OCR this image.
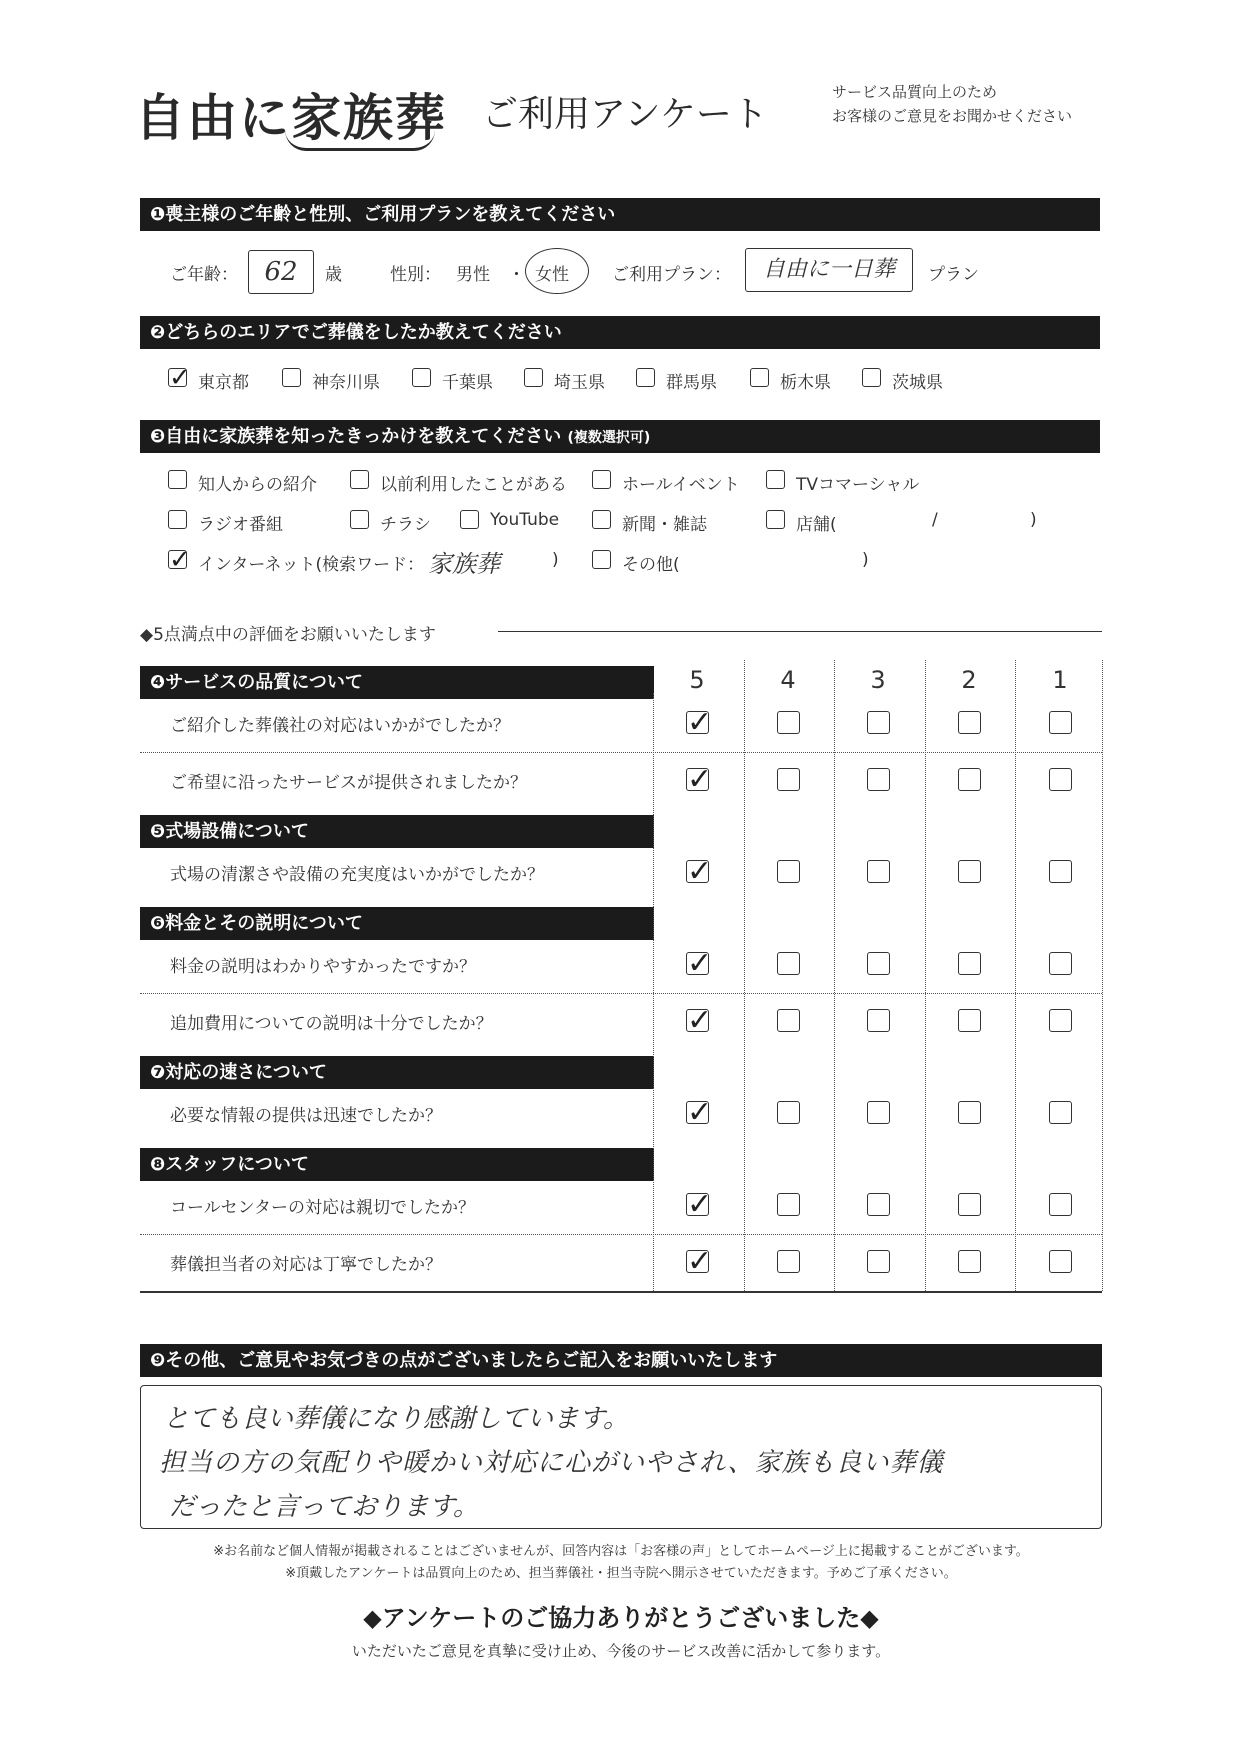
自由に家族葬 ご利用アンケート
サービス品質向上のため
お客様のご意見をお聞かせください
❶喪主様のご年齢と性別、ご利用プランを教えてください
ご年齢：	62	歳	性別： 男性 ・ 女性	ご利用プラン：	自由に一日葬	プラン
❷どちらのエリアでご葬儀をしたか教えてください
✓ 東京都	神奈川県	千葉県	埼玉県	群馬県	栃木県	茨城県
❸自由に家族葬を知ったきっかけを教えてください (複数選択可)
知人からの紹介	以前利用したことがある	ホールイベント	TVコマーシャル
ラジオ番組	チラシ	YouTube	新聞・雑誌	店舗(	/	)
✓ インターネット(検索ワード： 家族葬	)	その他(	)
◆5点満点中の評価をお願いいたします
5	4	3	2	1
❹サービスの品質について
ご紹介した葬儀社の対応はいかがでしたか？	✓
ご希望に沿ったサービスが提供されましたか？	✓
❺式場設備について
式場の清潔さや設備の充実度はいかがでしたか？	✓
❻料金とその説明について
料金の説明はわかりやすかったですか？	✓
追加費用についての説明は十分でしたか？	✓
❼対応の速さについて
必要な情報の提供は迅速でしたか？	✓
❽スタッフについて
コールセンターの対応は親切でしたか？	✓
葬儀担当者の対応は丁寧でしたか？	✓
❾その他、ご意見やお気づきの点がございましたらご記入をお願いいたします
とても良い葬儀になり感謝しています。
担当の方の気配りや暖かい対応に心がいやされ、家族も良い葬儀
だったと言っております。
※お名前など個人情報が掲載されることはございませんが、回答内容は「お客様の声」としてホームページ上に掲載することがございます。
※頂戴したアンケートは品質向上のため、担当葬儀社・担当寺院へ開示させていただきます。予めご了承ください。
◆アンケートのご協力ありがとうございました◆
いただいたご意見を真摯に受け止め、今後のサービス改善に活かして参ります。
